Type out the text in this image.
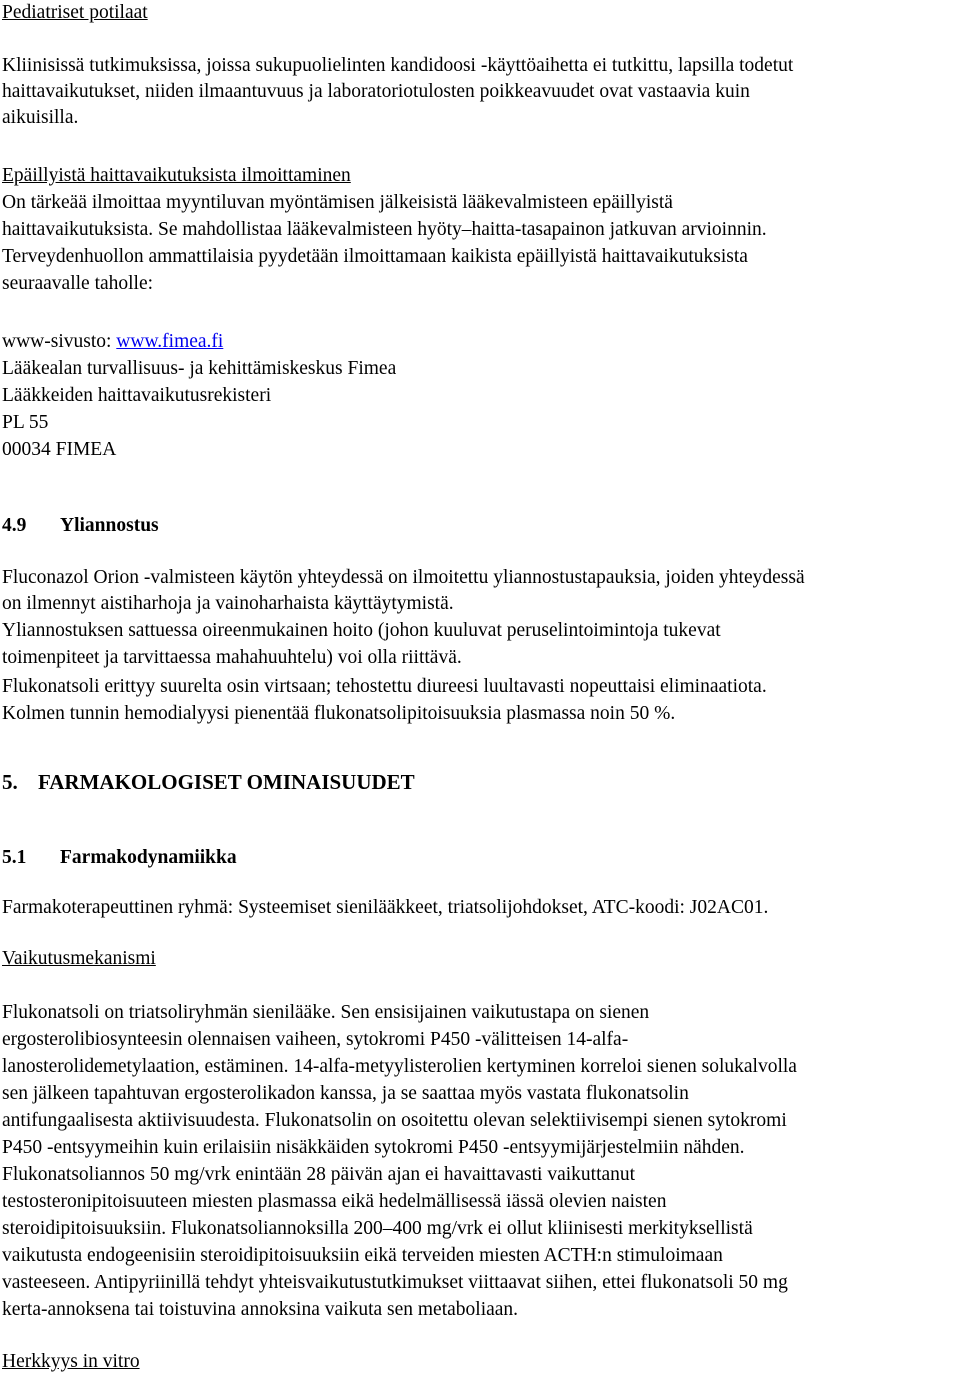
Pediatriset potilaat
Kliinisissä tutkimuksissa, joissa sukupuolielinten kandidoosi -käyttöaihetta ei tutkittu, lapsilla todetut
haittavaikutukset, niiden ilmaantuvuus ja laboratoriotulosten poikkeavuudet ovat vastaavia kuin
aikuisilla.
Epäillyistä haittavaikutuksista ilmoittaminen
On tärkeää ilmoittaa myyntiluvan myöntämisen jälkeisistä lääkevalmisteen epäillyistä
haittavaikutuksista. Se mahdollistaa lääkevalmisteen hyöty–haitta-tasapainon jatkuvan arvioinnin.
Terveydenhuollon ammattilaisia pyydetään ilmoittamaan kaikista epäillyistä haittavaikutuksista
seuraavalle taholle:
www-sivusto: www.fimea.fi
Lääkealan turvallisuus- ja kehittämiskeskus Fimea
Lääkkeiden haittavaikutusrekisteri
PL 55
00034 FIMEA
4.9 Yliannostus
Fluconazol Orion -valmisteen käytön yhteydessä on ilmoitettu yliannostustapauksia, joiden yhteydessä
on ilmennyt aistiharhoja ja vainoharhaista käyttäytymistä.
Yliannostuksen sattuessa oireenmukainen hoito (johon kuuluvat peruselintoimintoja tukevat
toimenpiteet ja tarvittaessa mahahuuhtelu) voi olla riittävä.
Flukonatsoli erittyy suurelta osin virtsaan; tehostettu diureesi luultavasti nopeuttaisi eliminaatiota.
Kolmen tunnin hemodialyysi pienentää flukonatsolipitoisuuksia plasmassa noin 50 %.
5. FARMAKOLOGISET OMINAISUUDET
5.1 Farmakodynamiikka
Farmakoterapeuttinen ryhmä: Systeemiset sienilääkkeet, triatsolijohdokset, ATC-koodi: J02AC01.
Vaikutusmekanismi
Flukonatsoli on triatsoliryhmän sienilääke. Sen ensisijainen vaikutustapa on sienen
ergosterolibiosynteesin olennaisen vaiheen, sytokromi P450 -välitteisen 14-alfa-
lanosterolidemetylaation, estäminen. 14-alfa-metyylisterolien kertyminen korreloi sienen solukalvolla
sen jälkeen tapahtuvan ergosterolikadon kanssa, ja se saattaa myös vastata flukonatsolin
antifungaalisesta aktiivisuudesta. Flukonatsolin on osoitettu olevan selektiivisempi sienen sytokromi
P450 -entsyymeihin kuin erilaisiin nisäkkäiden sytokromi P450 -entsyymijärjestelmiin nähden.
Flukonatsoliannos 50 mg/vrk enintään 28 päivän ajan ei havaittavasti vaikuttanut
testosteronipitoisuuteen miesten plasmassa eikä hedelmällisessä iässä olevien naisten
steroidipitoisuuksiin. Flukonatsoliannoksilla 200–400 mg/vrk ei ollut kliinisesti merkityksellistä
vaikutusta endogeenisiin steroidipitoisuuksiin eikä terveiden miesten ACTH:n stimuloimaan
vasteeseen. Antipyriinillä tehdyt yhteisvaikutustutkimukset viittaavat siihen, ettei flukonatsoli 50 mg
kerta-annoksena tai toistuvina annoksina vaikuta sen metaboliaan.
Herkkyys in vitro
